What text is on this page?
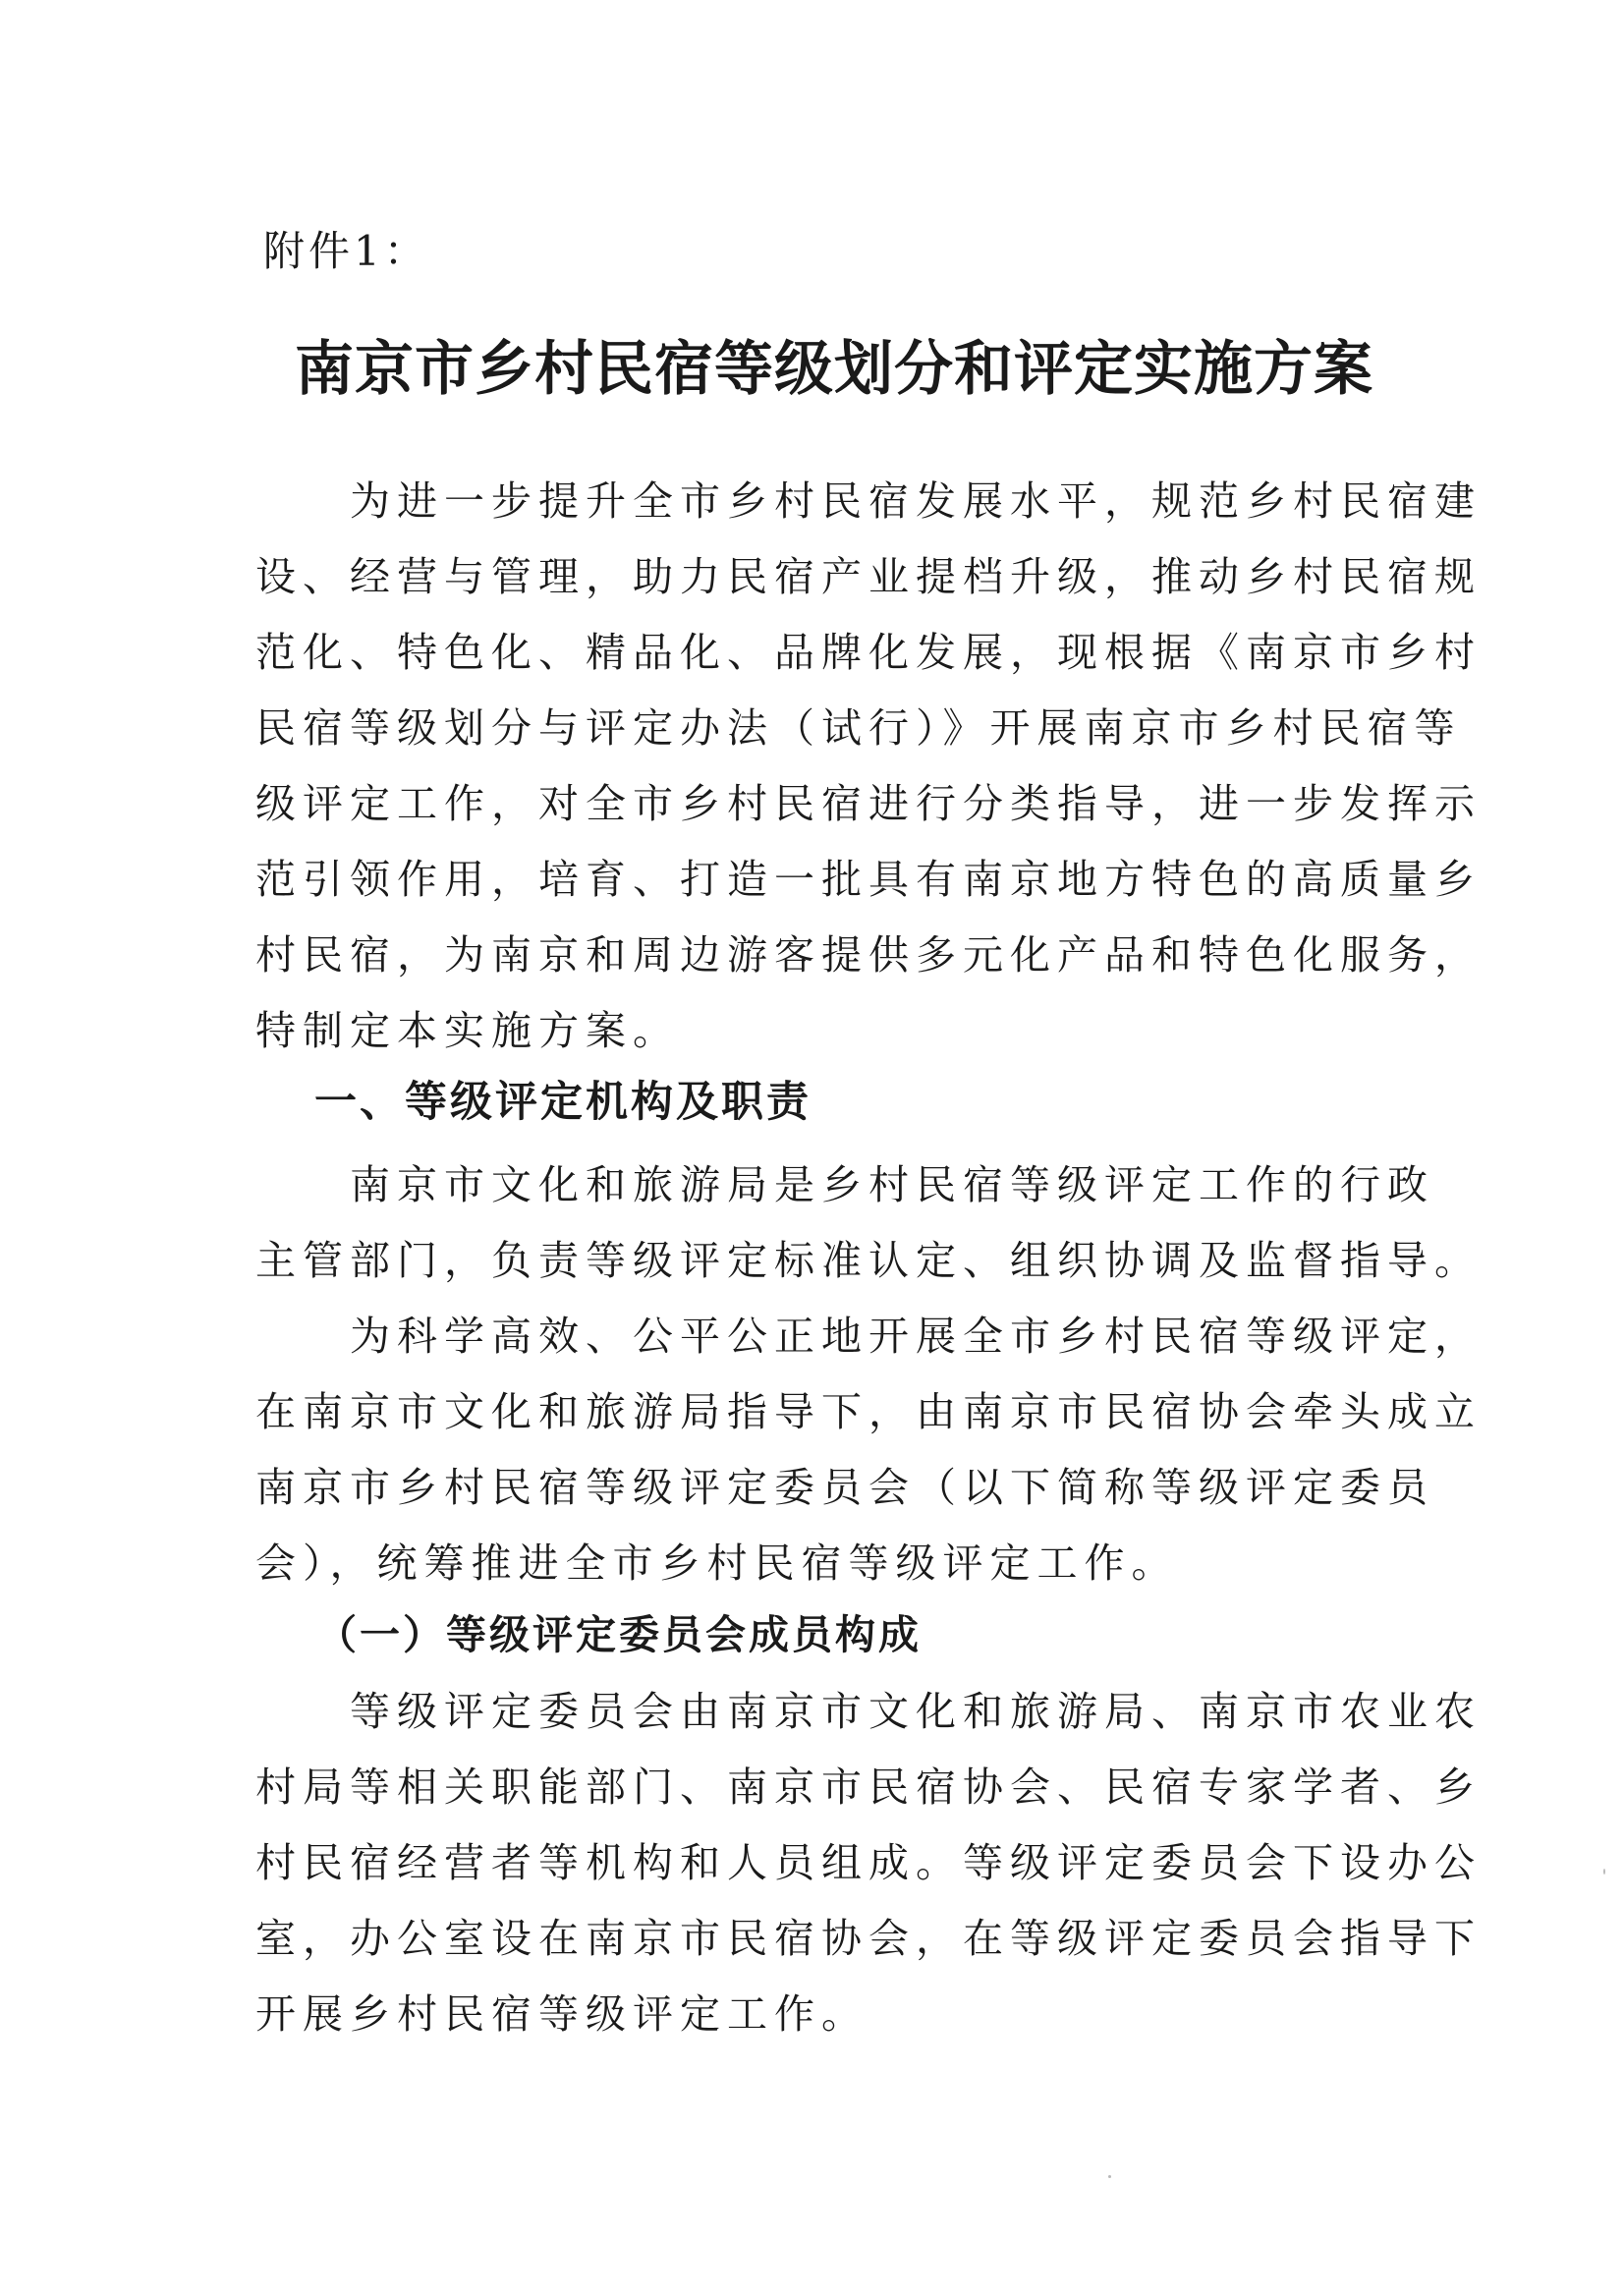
附件1：
南京市乡村民宿等级划分和评定实施方案
为进一步提升全市乡村民宿发展水平，规范乡村民宿建
设、经营与管理，助力民宿产业提档升级，推动乡村民宿规
范化、特色化、精品化、品牌化发展，现根据《南京市乡村
民宿等级划分与评定办法（试行）》开展南京市乡村民宿等
级评定工作，对全市乡村民宿进行分类指导，进一步发挥示
范引领作用，培育、打造一批具有南京地方特色的高质量乡
村民宿，为南京和周边游客提供多元化产品和特色化服务，
特制定本实施方案。
一、等级评定机构及职责
南京市文化和旅游局是乡村民宿等级评定工作的行政
主管部门，负责等级评定标准认定、组织协调及监督指导。
为科学高效、公平公正地开展全市乡村民宿等级评定，
在南京市文化和旅游局指导下，由南京市民宿协会牵头成立
南京市乡村民宿等级评定委员会（以下简称等级评定委员
会），统筹推进全市乡村民宿等级评定工作。
（一）等级评定委员会成员构成
等级评定委员会由南京市文化和旅游局、南京市农业农
村局等相关职能部门、南京市民宿协会、民宿专家学者、乡
村民宿经营者等机构和人员组成。等级评定委员会下设办公
室，办公室设在南京市民宿协会，在等级评定委员会指导下
开展乡村民宿等级评定工作。
